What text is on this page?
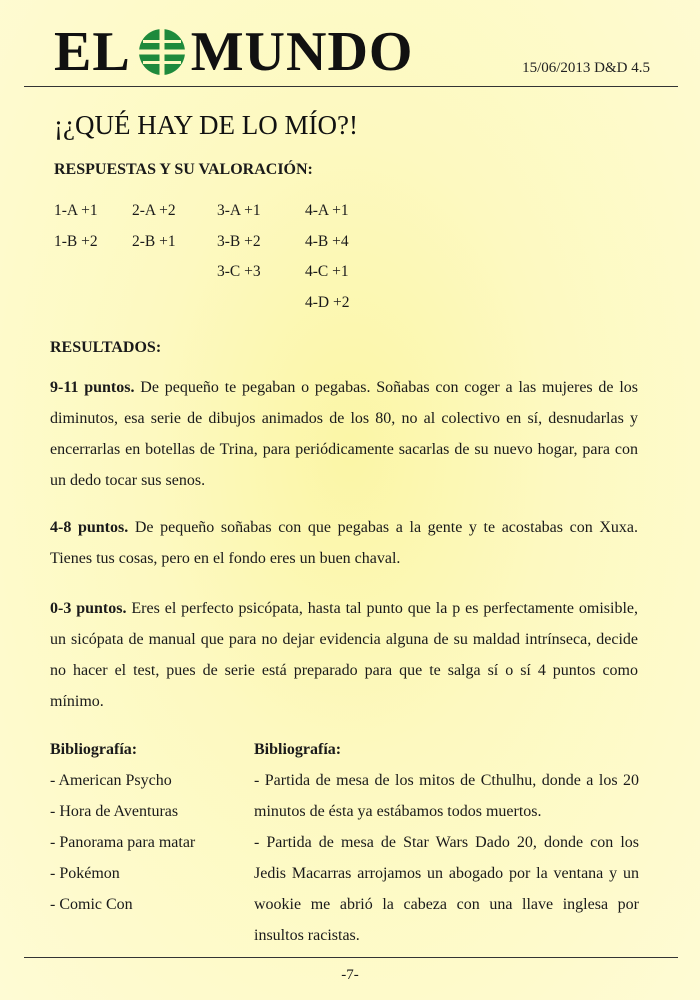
EL MUNDO	15/06/2013 D&D 4.5
¡¿QUÉ HAY DE LO MÍO?!
RESPUESTAS Y SU VALORACIÓN:
1-A +1
1-B +2
2-A +2
2-B +1
3-A +1
3-B +2
3-C +3
4-A +1
4-B +4
4-C +1
4-D +2
RESULTADOS:
9-11 puntos. De pequeño te pegaban o pegabas. Soñabas con coger a las mujeres de los diminutos, esa serie de dibujos animados de los 80, no al colectivo en sí, desnudarlas y encerrarlas en botellas de Trina, para periódicamente sacarlas de su nuevo hogar, para con un dedo tocar sus senos.
4-8 puntos. De pequeño soñabas con que pegabas a la gente y te acostabas con Xuxa. Tienes tus cosas, pero en el fondo eres un buen chaval.
0-3 puntos. Eres el perfecto psicópata, hasta tal punto que la p es perfectamente omisible, un sicópata de manual que para no dejar evidencia alguna de su maldad intrínseca, decide no hacer el test, pues de serie está preparado para que te salga sí o sí 4 puntos como mínimo.
Bibliografía:
- American Psycho
- Hora de Aventuras
- Panorama para matar
- Pokémon
- Comic Con
Bibliografía:
- Partida de mesa de los mitos de Cthulhu, donde a los 20 minutos de ésta ya estábamos todos muertos.
- Partida de mesa de Star Wars Dado 20, donde con los Jedis Macarras arrojamos un abogado por la ventana y un wookie me abrió la cabeza con una llave inglesa por insultos racistas.
-7-
